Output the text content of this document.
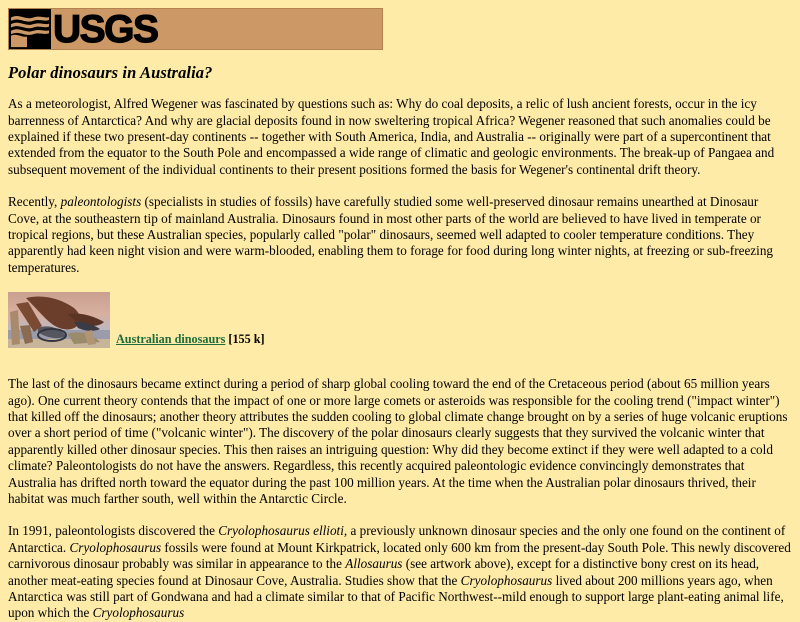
USGS
Polar dinosaurs in Australia?

As a meteorologist, Alfred Wegener was fascinated by questions such as: Why do coal deposits, a relic of lush ancient forests, occur in the icy barrenness of Antarctica? And why are glacial deposits found in now sweltering tropical Africa? Wegener reasoned that such anomalies could be explained if these two present-day continents -- together with South America, India, and Australia -- originally were part of a supercontinent that extended from the equator to the South Pole and encompassed a wide range of climatic and geologic environments. The break-up of Pangaea and subsequent movement of the individual continents to their present positions formed the basis for Wegener's continental drift theory.

Recently, paleontologists (specialists in studies of fossils) have carefully studied some well-preserved dinosaur remains unearthed at Dinosaur Cove, at the southeastern tip of mainland Australia. Dinosaurs found in most other parts of the world are believed to have lived in temperate or tropical regions, but these Australian species, popularly called "polar" dinosaurs, seemed well adapted to cooler temperature conditions. They apparently had keen night vision and were warm-blooded, enabling them to forage for food during long winter nights, at freezing or sub-freezing temperatures.

Australian dinosaurs [155 k]

The last of the dinosaurs became extinct during a period of sharp global cooling toward the end of the Cretaceous period (about 65 million years ago). One current theory contends that the impact of one or more large comets or asteroids was responsible for the cooling trend ("impact winter") that killed off the dinosaurs; another theory attributes the sudden cooling to global climate change brought on by a series of huge volcanic eruptions over a short period of time ("volcanic winter"). The discovery of the polar dinosaurs clearly suggests that they survived the volcanic winter that apparently killed other dinosaur species. This then raises an intriguing question: Why did they become extinct if they were well adapted to a cold climate? Paleontologists do not have the answers. Regardless, this recently acquired paleontologic evidence convincingly demonstrates that Australia has drifted north toward the equator during the past 100 million years. At the time when the Australian polar dinosaurs thrived, their habitat was much farther south, well within the Antarctic Circle.

In 1991, paleontologists discovered the Cryolophosaurus ellioti, a previously unknown dinosaur species and the only one found on the continent of Antarctica. Cryolophosaurus fossils were found at Mount Kirkpatrick, located only 600 km from the present-day South Pole. This newly discovered carnivorous dinosaur probably was similar in appearance to the Allosaurus (see artwork above), except for a distinctive bony crest on its head, another meat-eating species found at Dinosaur Cove, Australia. Studies show that the Cryolophosaurus lived about 200 millions years ago, when Antarctica was still part of Gondwana and had a climate similar to that of Pacific Northwest--mild enough to support large plant-eating animal life, upon which the Cryolophosaurus
